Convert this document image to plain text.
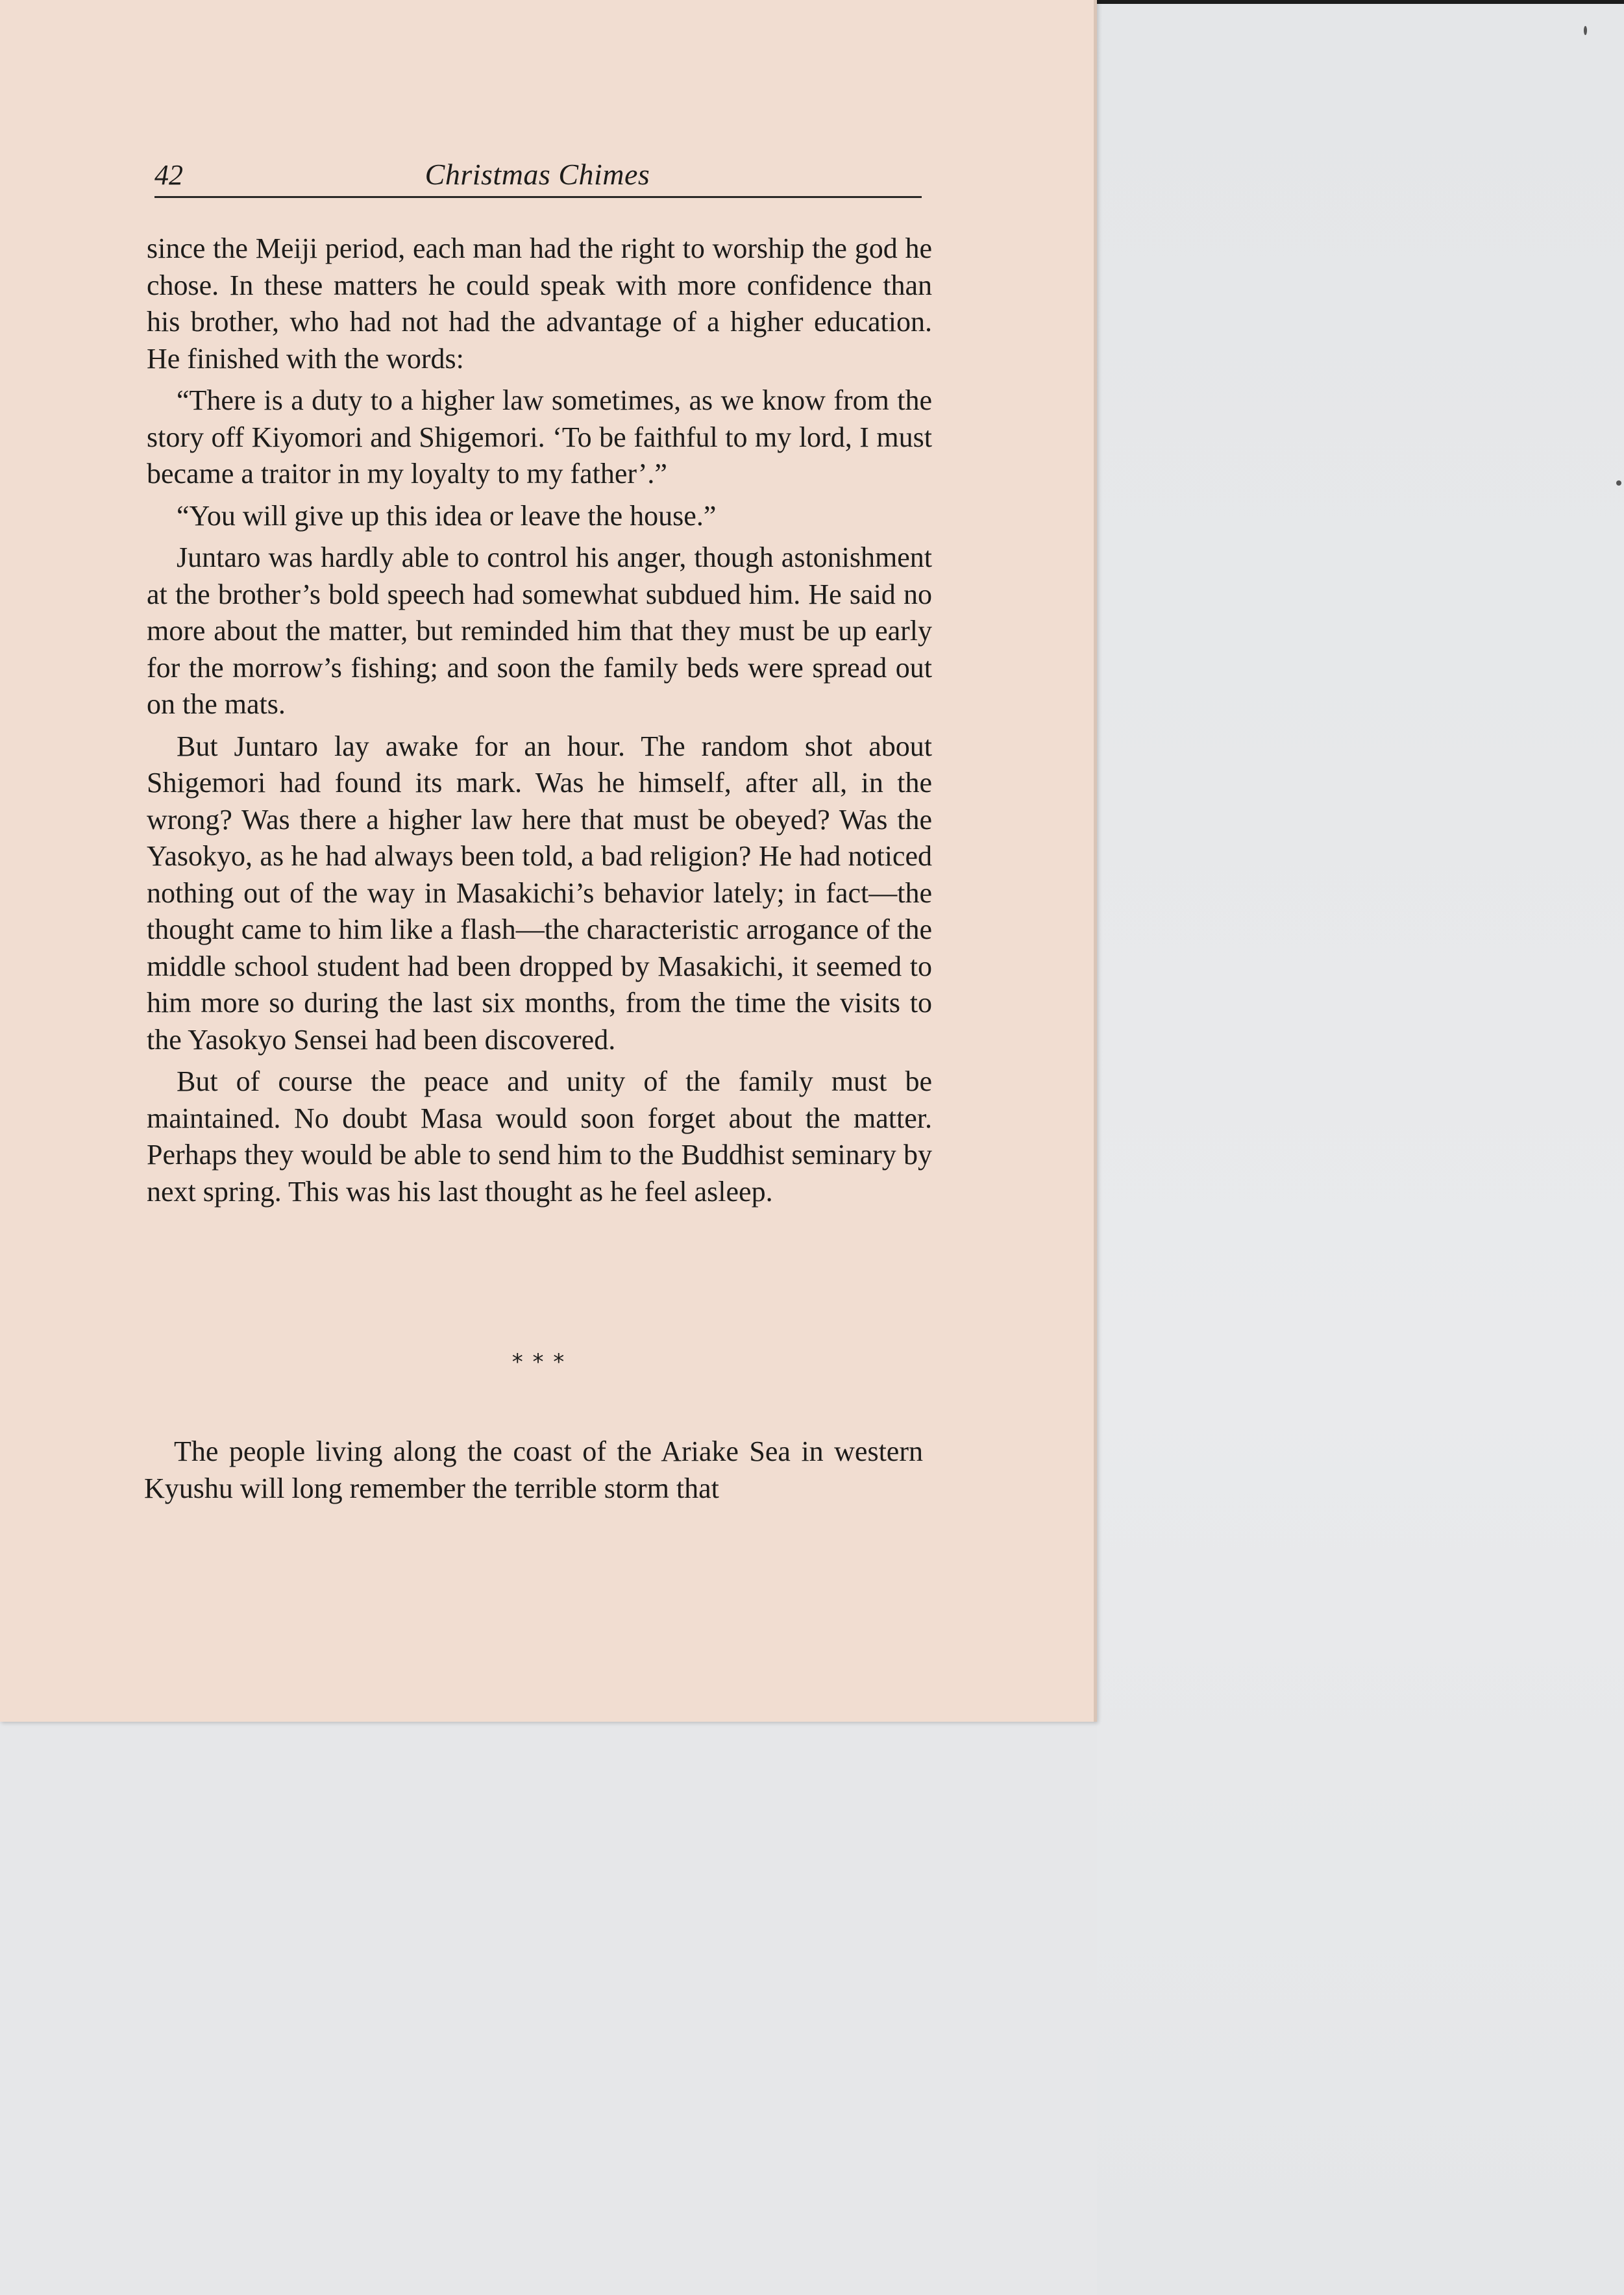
42	Christmas Chimes

since the Meiji period, each man had the right to worship the god he chose. In these matters he could speak with more confidence than his brother, who had not had the advantage of a higher education. He finished with the words:

“There is a duty to a higher law sometimes, as we know from the story off Kiyomori and Shigemori. ‘To be faithful to my lord, I must became a traitor in my loyalty to my father’.”

“You will give up this idea or leave the house.”

Juntaro was hardly able to control his anger, though astonishment at the brother’s bold speech had somewhat subdued him. He said no more about the matter, but reminded him that they must be up early for the morrow’s fishing; and soon the family beds were spread out on the mats.

But Juntaro lay awake for an hour. The random shot about Shigemori had found its mark. Was he himself, after all, in the wrong? Was there a higher law here that must be obeyed? Was the Yasokyo, as he had always been told, a bad religion? He had noticed nothing out of the way in Masakichi’s behavior lately; in fact—the thought came to him like a flash—the characteristic arrogance of the middle school student had been dropped by Masakichi, it seemed to him more so during the last six months, from the time the visits to the Yasokyo Sensei had been discovered.

But of course the peace and unity of the family must be maintained. No doubt Masa would soon forget about the matter. Perhaps they would be able to send him to the Buddhist seminary by next spring. This was his last thought as he feel asleep.

* * *

The people living along the coast of the Ariake Sea in western Kyushu will long remember the terrible storm that
